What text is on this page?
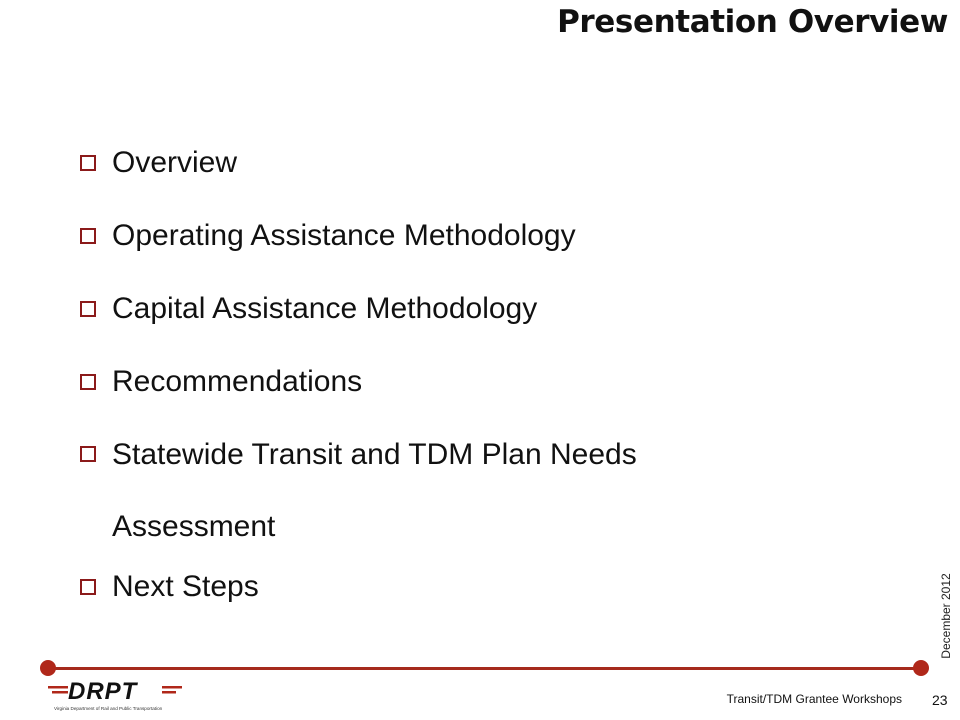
Presentation Overview
Overview
Operating Assistance Methodology
Capital Assistance Methodology
Recommendations
Statewide Transit and TDM Plan Needs Assessment
Next Steps	December 2012
DRPT
Virginia Department of Rail and Public Transportation
Transit/TDM Grantee Workshops 23
